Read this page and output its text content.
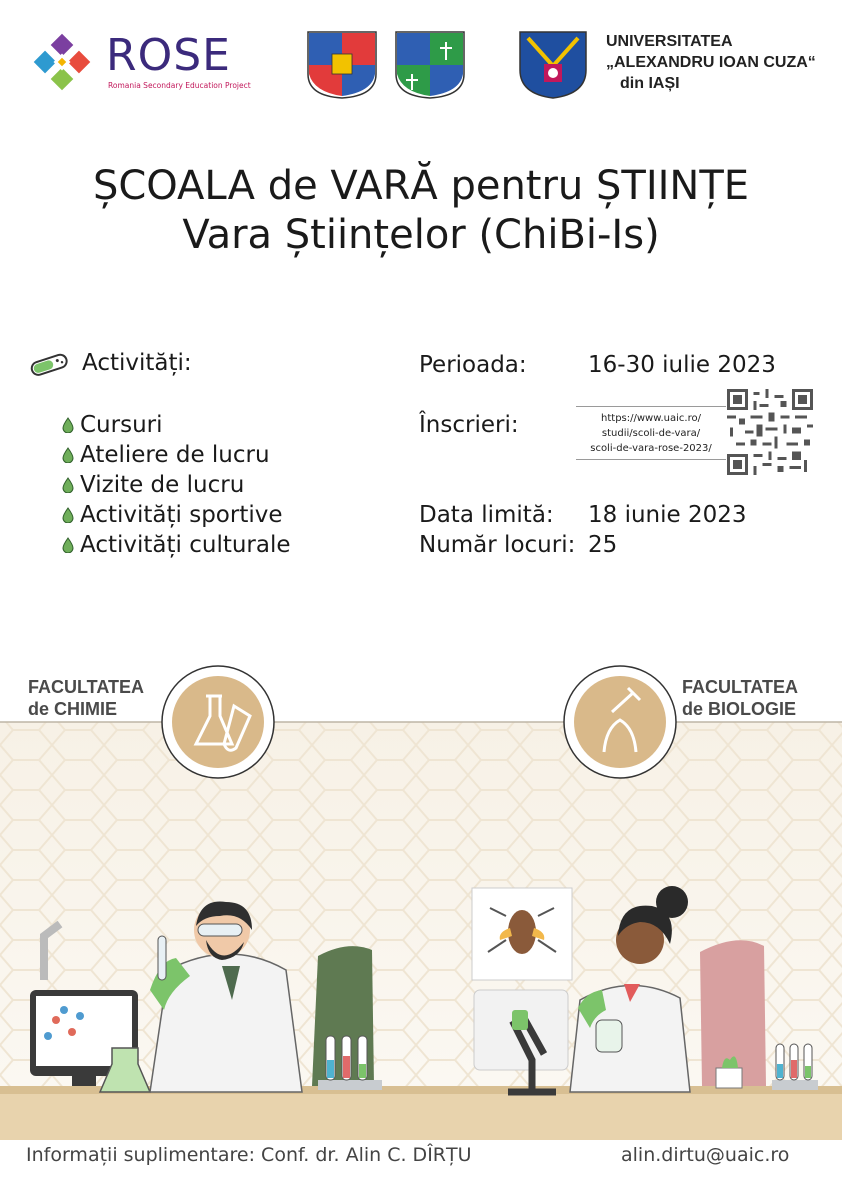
ROSE
Romania Secondary Education Project
UNIVERSITATEA
„ALEXANDRU IOAN CUZA“
din IAȘI
ȘCOALA de VARĂ pentru ȘTIINȚE
Vara Științelor (ChiBi-Is)
Activități:
Cursuri
Ateliere de lucru
Vizite de lucru
Activități sportive
Activități culturale
Perioada:	16-30 iulie 2023
Înscrieri:	https://www.uaic.ro/
studii/scoli-de-vara/
scoli-de-vara-rose-2023/
Data limită: 18 iunie 2023
Număr locuri: 25
FACULTATEA
de CHIMIE
FACULTATEA
de BIOLOGIE
Informații suplimentare: Conf. dr. Alin C. DÎRȚU	alin.dirtu@uaic.ro
